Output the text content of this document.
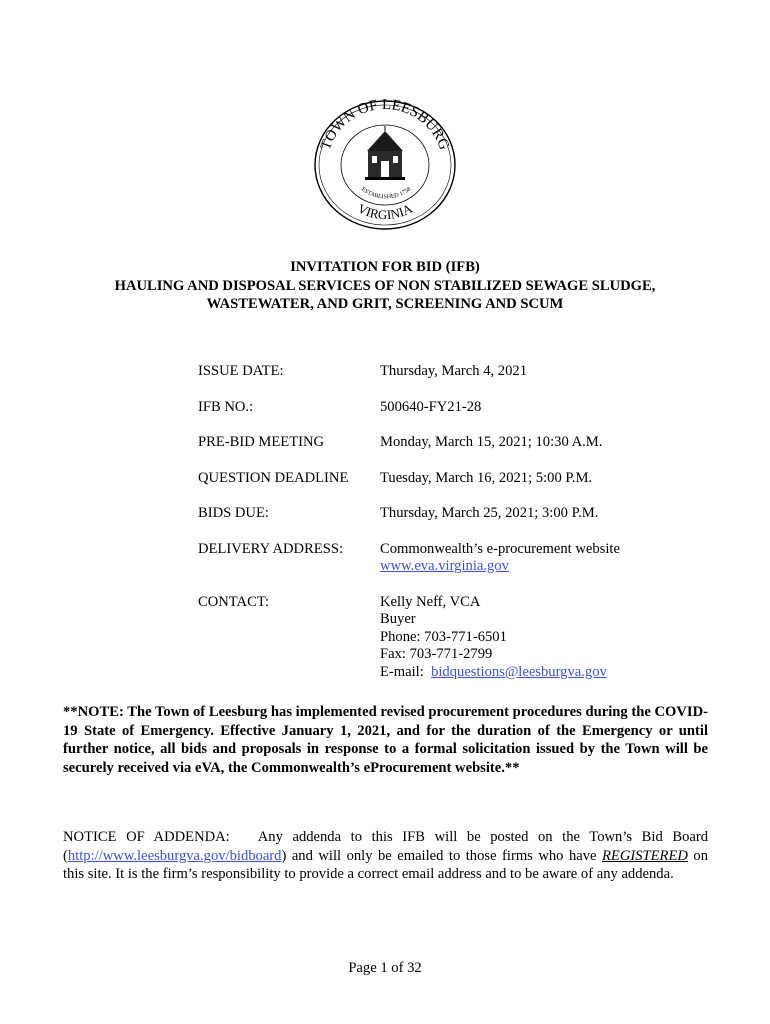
TOWN OF LEESBURG
VIRGINIA
ESTABLISHED 1758
INVITATION FOR BID (IFB)
HAULING AND DISPOSAL SERVICES OF NON STABILIZED SEWAGE SLUDGE,
WASTEWATER, AND GRIT, SCREENING AND SCUM
ISSUE DATE:	Thursday, March 4, 2021
IFB NO.:	500640-FY21-28
PRE-BID MEETING	Monday, March 15, 2021; 10:30 A.M.
QUESTION DEADLINE	Tuesday, March 16, 2021; 5:00 P.M.
BIDS DUE:	Thursday, March 25, 2021; 3:00 P.M.
DELIVERY ADDRESS:	Commonwealth’s e-procurement website
www.eva.virginia.gov
CONTACT:	Kelly Neff, VCA
Buyer
Phone: 703-771-6501
Fax: 703-771-2799
E-mail: bidquestions@leesburgva.gov
**NOTE: The Town of Leesburg has implemented revised procurement procedures during the COVID-19 State of Emergency. Effective January 1, 2021, and for the duration of the Emergency or until further notice, all bids and proposals in response to a formal solicitation issued by the Town will be securely received via eVA, the Commonwealth’s eProcurement website.**
NOTICE OF ADDENDA: Any addenda to this IFB will be posted on the Town’s Bid Board (http://www.leesburgva.gov/bidboard) and will only be emailed to those firms who have REGISTERED on this site. It is the firm’s responsibility to provide a correct email address and to be aware of any addenda.
Page 1 of 32
